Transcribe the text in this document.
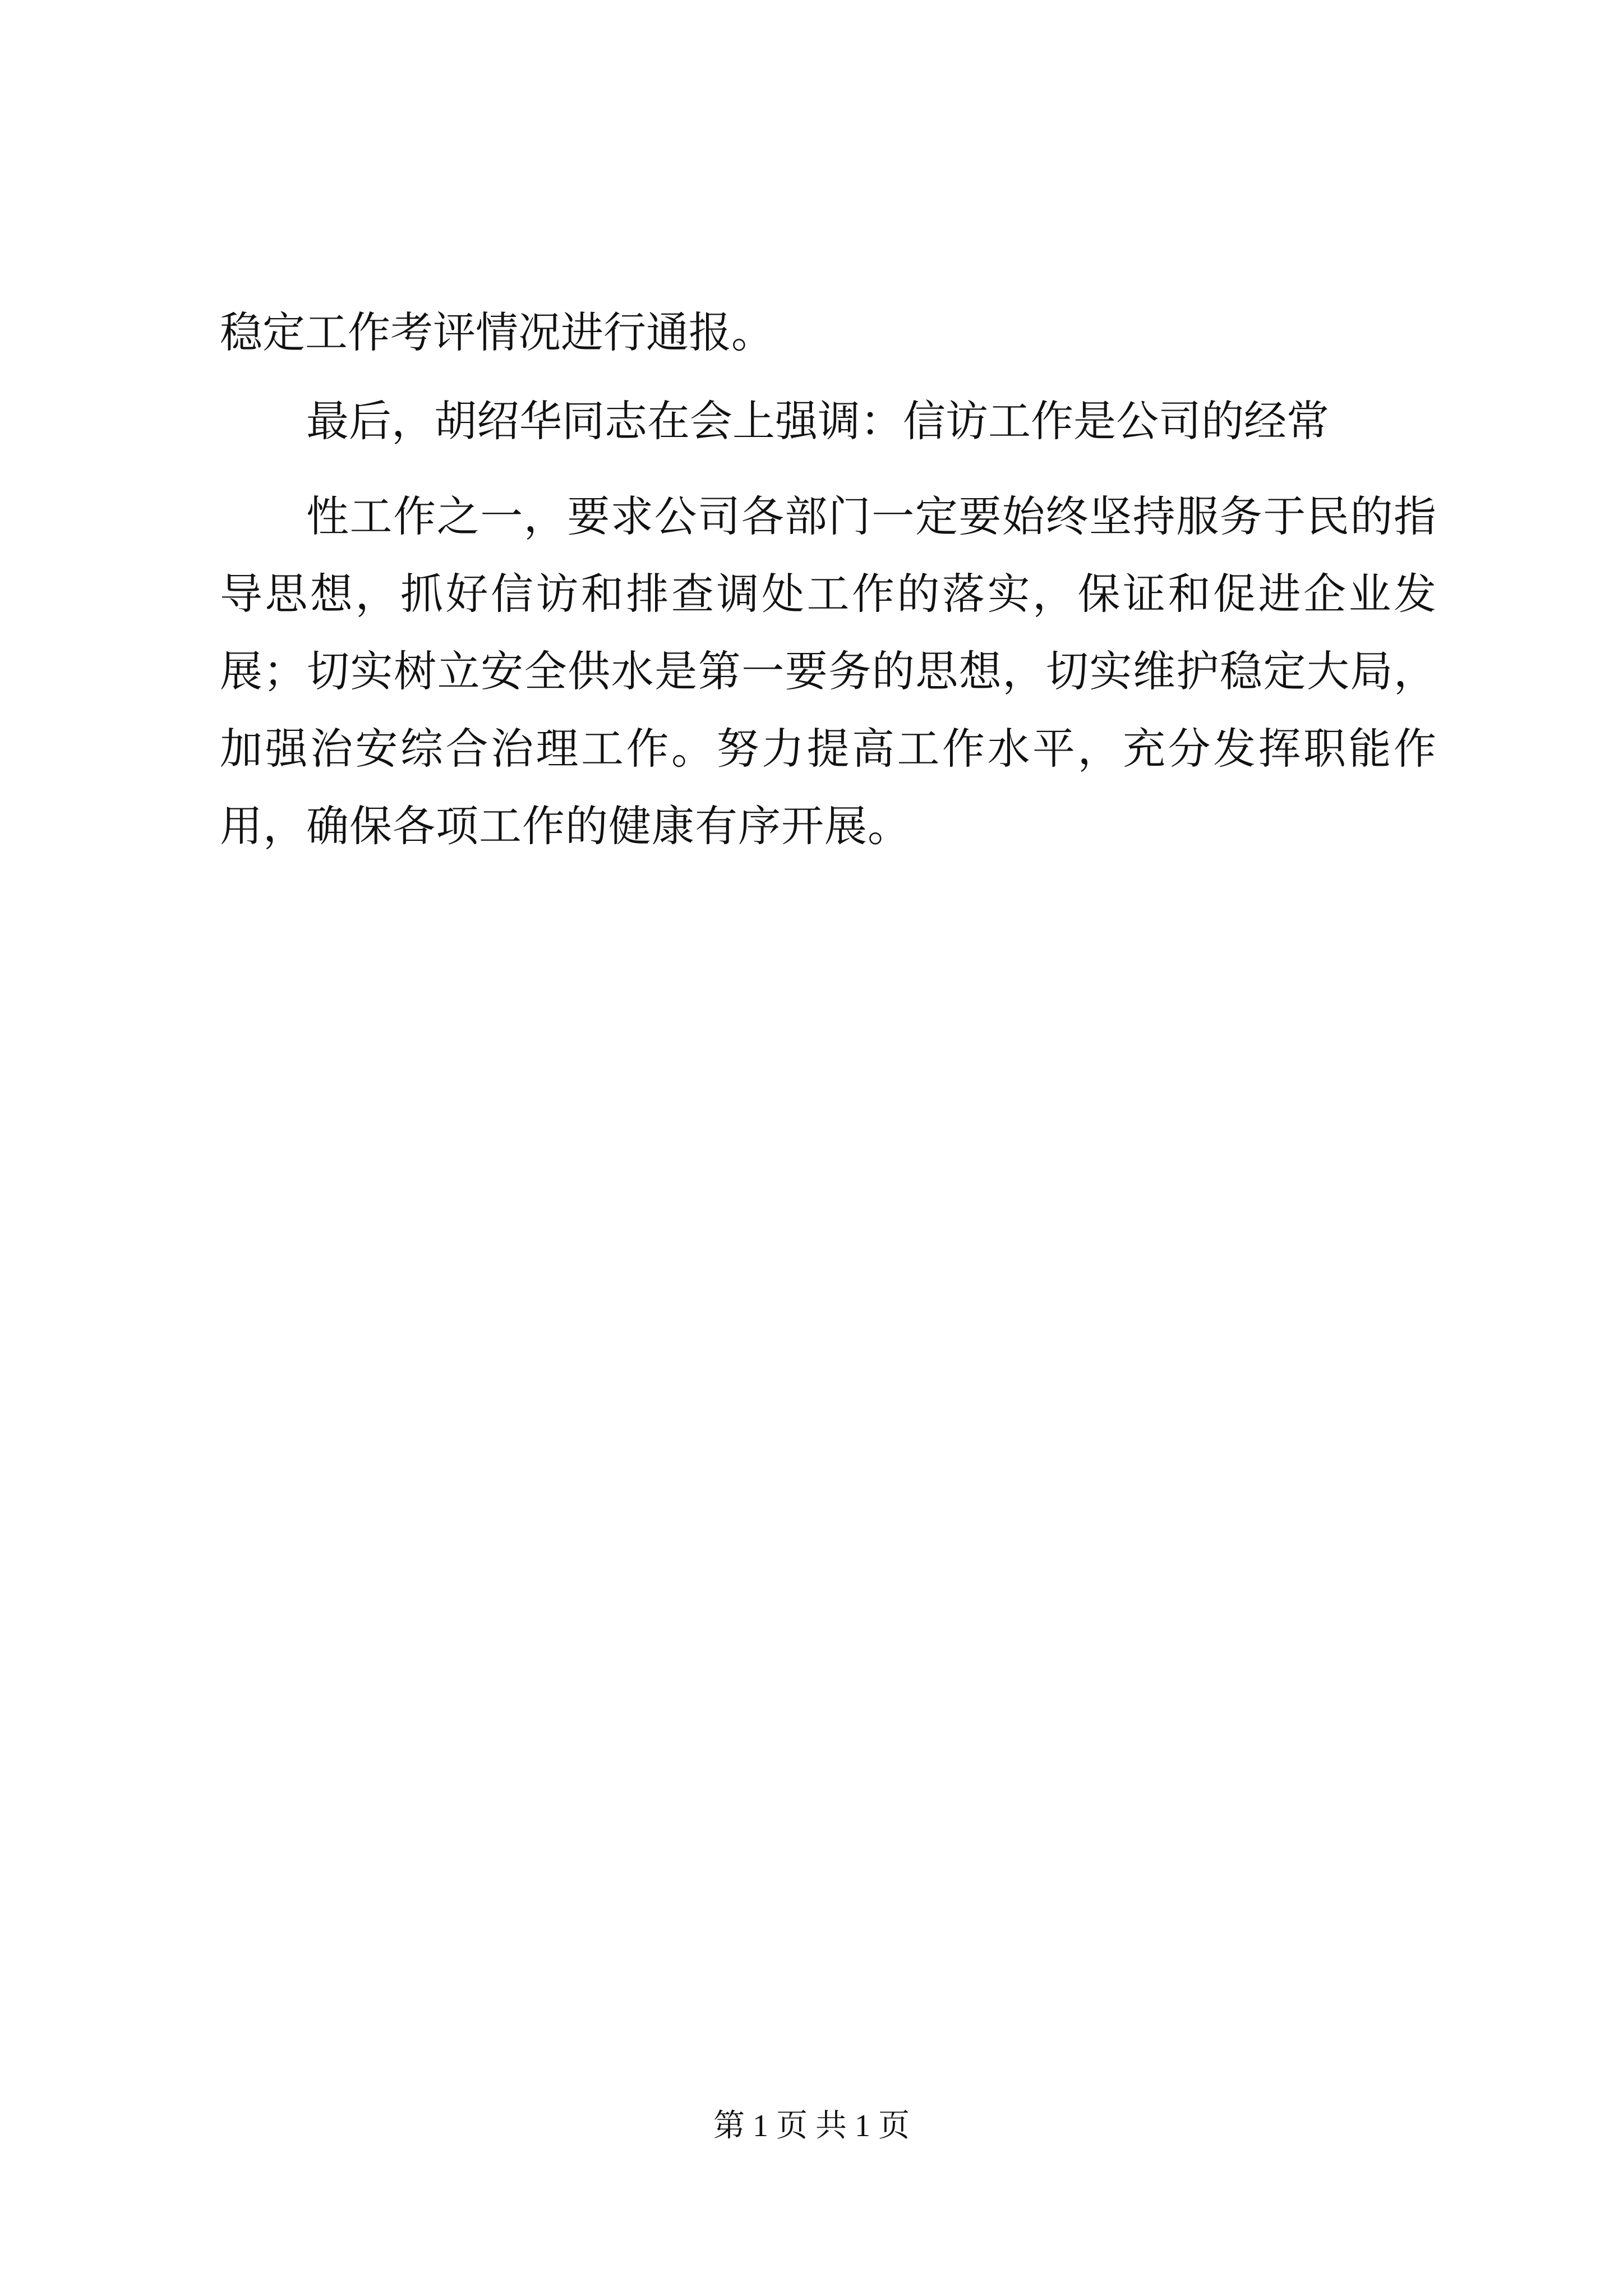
稳定工作考评情况进行通报。
最后，胡绍华同志在会上强调：信访工作是公司的经常
性工作之一，要求公司各部门一定要始终坚持服务于民的指导思想，抓好信访和排查调处工作的落实，保证和促进企业发展；切实树立安全供水是第一要务的思想，切实维护稳定大局，加强治安综合治理工作。努力提高工作水平，充分发挥职能作用，确保各项工作的健康有序开展。
第 1 页 共 1 页
